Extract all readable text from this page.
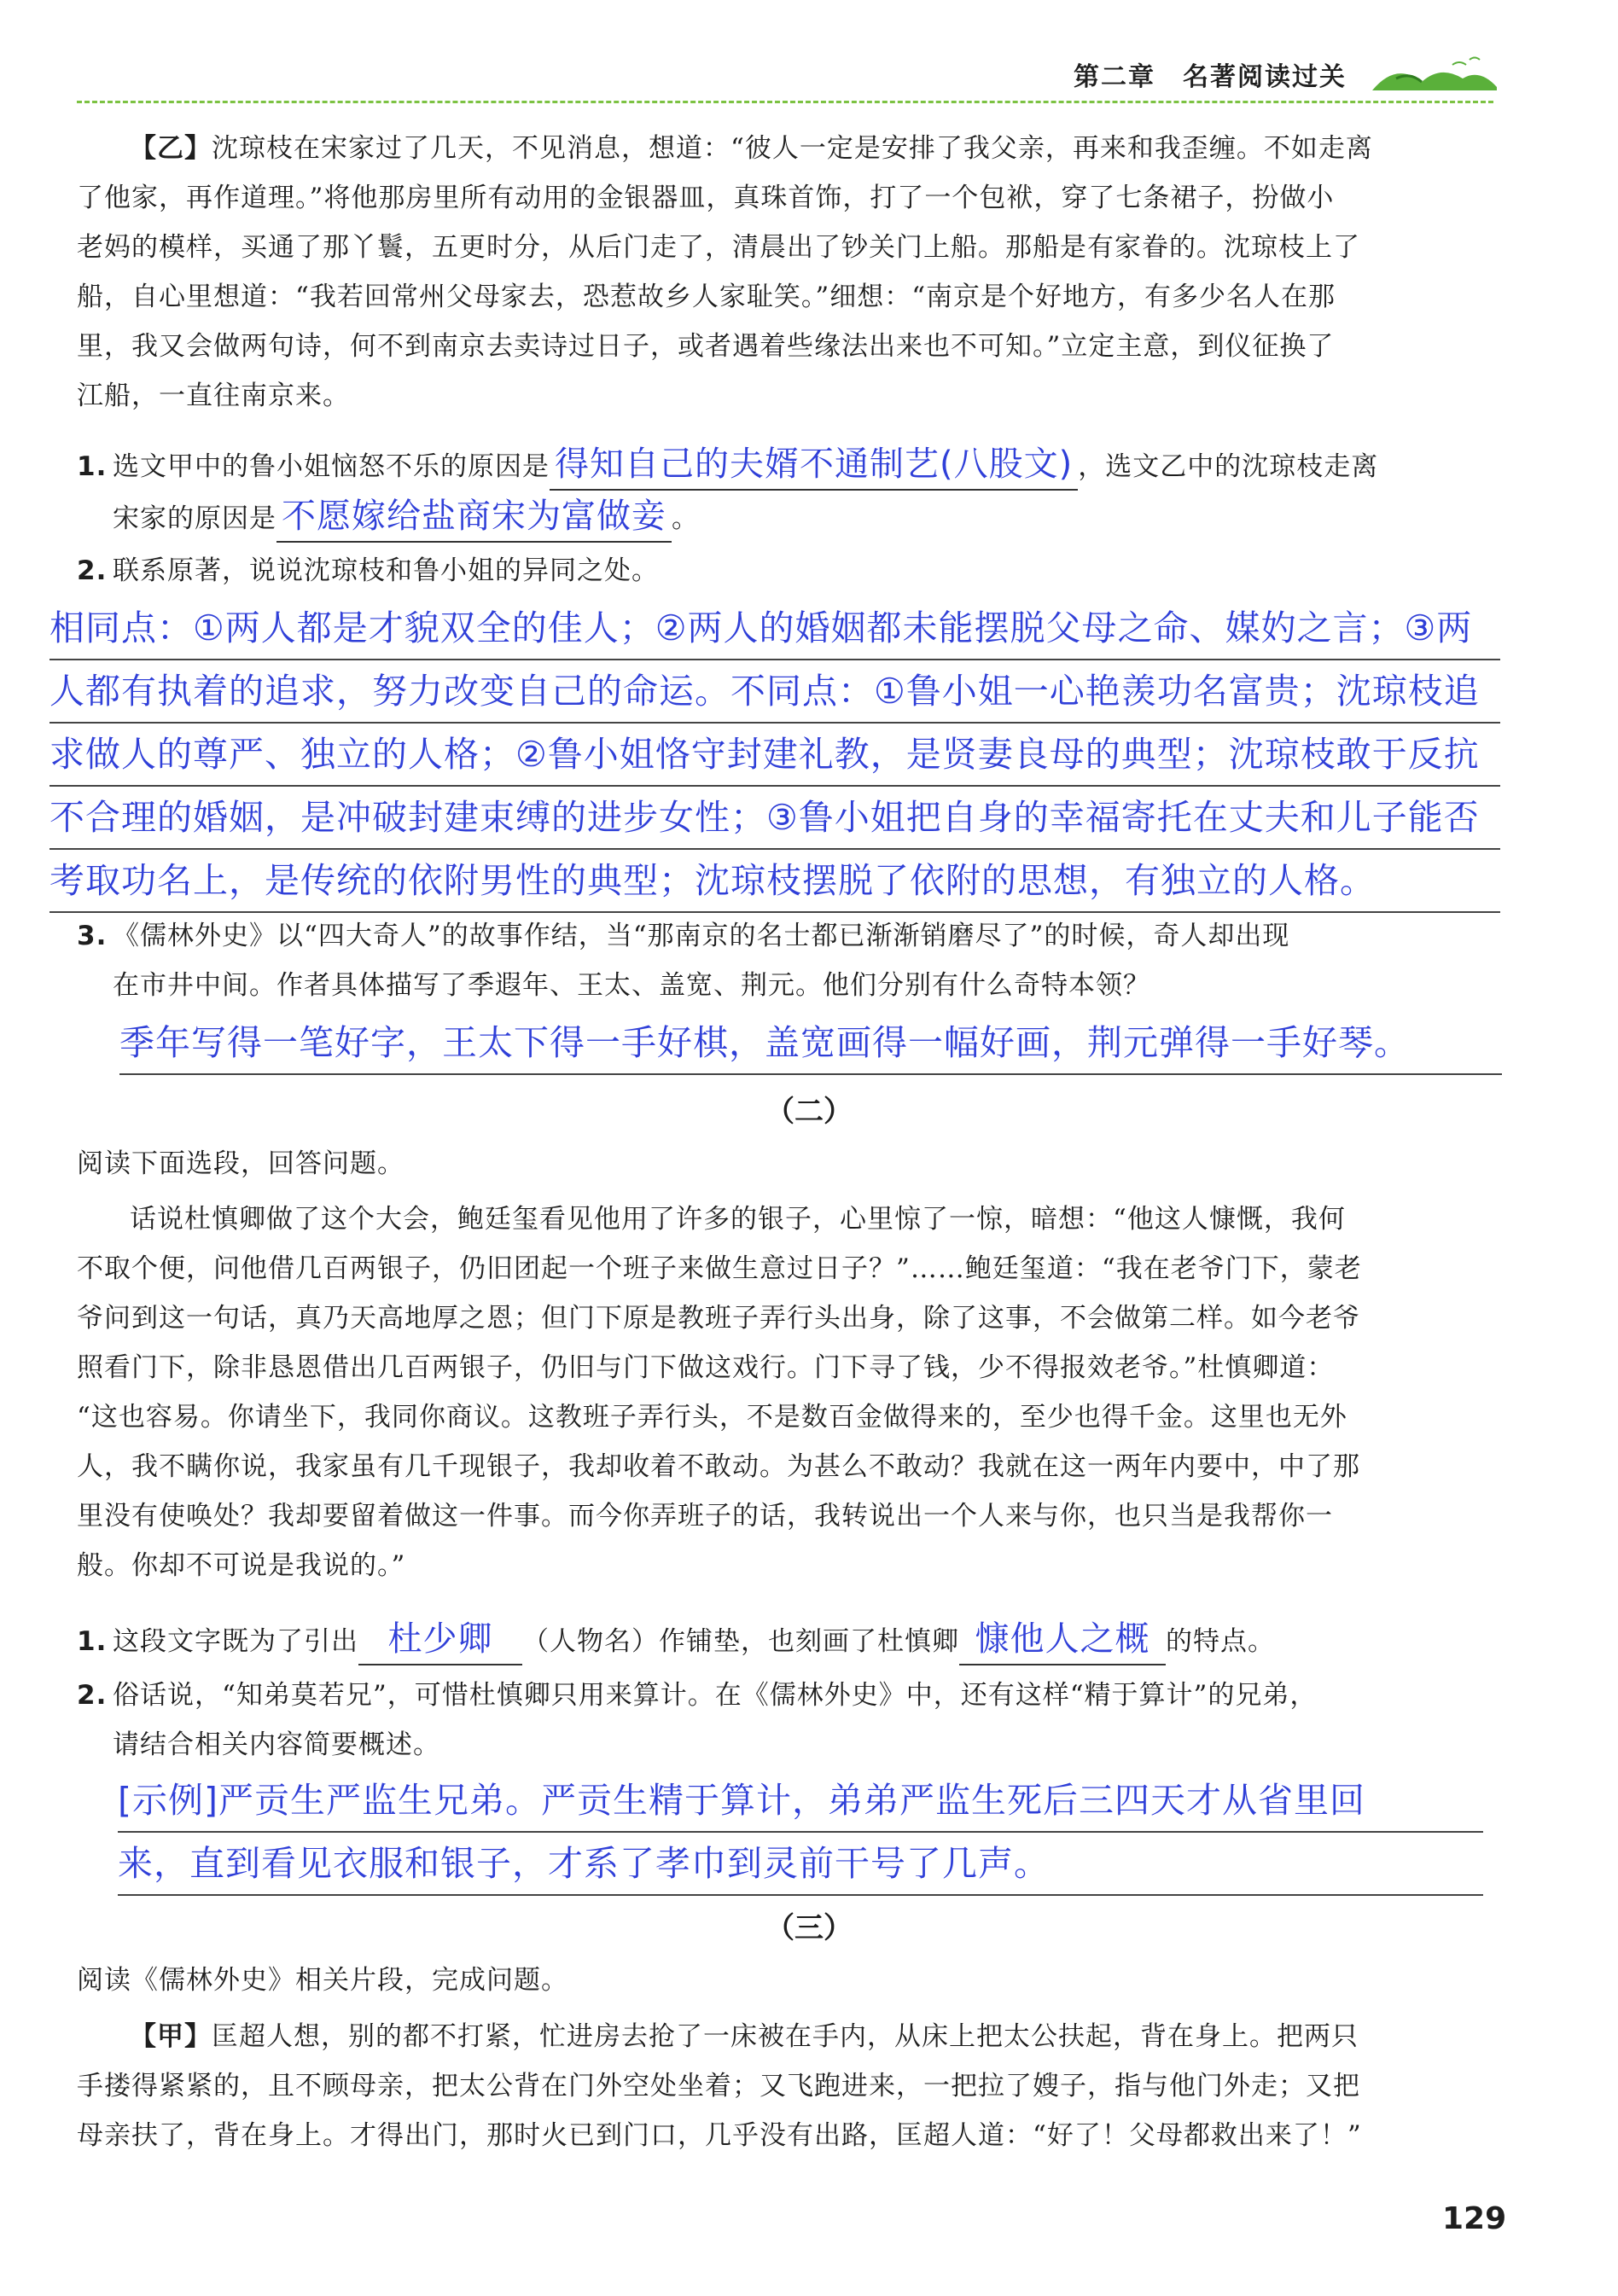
第二章　名著阅读过关
【乙】沈琼枝在宋家过了几天，不见消息，想道：“彼人一定是安排了我父亲，再来和我歪缠。不如走离
了他家，再作道理。”将他那房里所有动用的金银器皿，真珠首饰，打了一个包袱，穿了七条裙子，扮做小
老妈的模样，买通了那丫鬟，五更时分，从后门走了，清晨出了钞关门上船。那船是有家眷的。沈琼枝上了
船，自心里想道：“我若回常州父母家去，恐惹故乡人家耻笑。”细想：“南京是个好地方，有多少名人在那
里，我又会做两句诗，何不到南京去卖诗过日子，或者遇着些缘法出来也不可知。”立定主意，到仪征换了
江船，一直往南京来。
1. 选文甲中的鲁小姐恼怒不乐的原因是 得知自己的夫婿不通制艺(八股文) ，选文乙中的沈琼枝走离
宋家的原因是 不愿嫁给盐商宋为富做妾 。
2. 联系原著，说说沈琼枝和鲁小姐的异同之处。
相同点：①两人都是才貌双全的佳人；②两人的婚姻都未能摆脱父母之命、媒妁之言；③两
人都有执着的追求，努力改变自己的命运。不同点：①鲁小姐一心艳羡功名富贵；沈琼枝追
求做人的尊严、独立的人格；②鲁小姐恪守封建礼教，是贤妻良母的典型；沈琼枝敢于反抗
不合理的婚姻，是冲破封建束缚的进步女性；③鲁小姐把自身的幸福寄托在丈夫和儿子能否
考取功名上，是传统的依附男性的典型；沈琼枝摆脱了依附的思想，有独立的人格。
3. 《儒林外史》以“四大奇人”的故事作结，当“那南京的名士都已渐渐销磨尽了”的时候，奇人却出现
在市井中间。作者具体描写了季遐年、王太、盖宽、荆元。他们分别有什么奇特本领？
季年写得一笔好字，王太下得一手好棋，盖宽画得一幅好画，荆元弹得一手好琴。
（二）
阅读下面选段，回答问题。
话说杜慎卿做了这个大会，鲍廷玺看见他用了许多的银子，心里惊了一惊，暗想：“他这人慷慨，我何
不取个便，问他借几百两银子，仍旧团起一个班子来做生意过日子？”……鲍廷玺道：“我在老爷门下，蒙老
爷问到这一句话，真乃天高地厚之恩；但门下原是教班子弄行头出身，除了这事，不会做第二样。如今老爷
照看门下，除非恳恩借出几百两银子，仍旧与门下做这戏行。门下寻了钱，少不得报效老爷。”杜慎卿道：
“这也容易。你请坐下，我同你商议。这教班子弄行头，不是数百金做得来的，至少也得千金。这里也无外
人，我不瞒你说，我家虽有几千现银子，我却收着不敢动。为甚么不敢动？我就在这一两年内要中，中了那
里没有使唤处？我却要留着做这一件事。而今你弄班子的话，我转说出一个人来与你，也只当是我帮你一
般。你却不可说是我说的。”
1. 这段文字既为了引出 杜少卿 （人物名）作铺垫，也刻画了杜慎卿 慷他人之概 的特点。
2. 俗话说，“知弟莫若兄”，可惜杜慎卿只用来算计。在《儒林外史》中，还有这样“精于算计”的兄弟，
请结合相关内容简要概述。
[示例]严贡生严监生兄弟。严贡生精于算计，弟弟严监生死后三四天才从省里回
来，直到看见衣服和银子，才系了孝巾到灵前干号了几声。
（三）
阅读《儒林外史》相关片段，完成问题。
【甲】匡超人想，别的都不打紧，忙进房去抢了一床被在手内，从床上把太公扶起，背在身上。把两只
手搂得紧紧的，且不顾母亲，把太公背在门外空处坐着；又飞跑进来，一把拉了嫂子，指与他门外走；又把
母亲扶了，背在身上。才得出门，那时火已到门口，几乎没有出路，匡超人道：“好了！父母都救出来了！”
129
